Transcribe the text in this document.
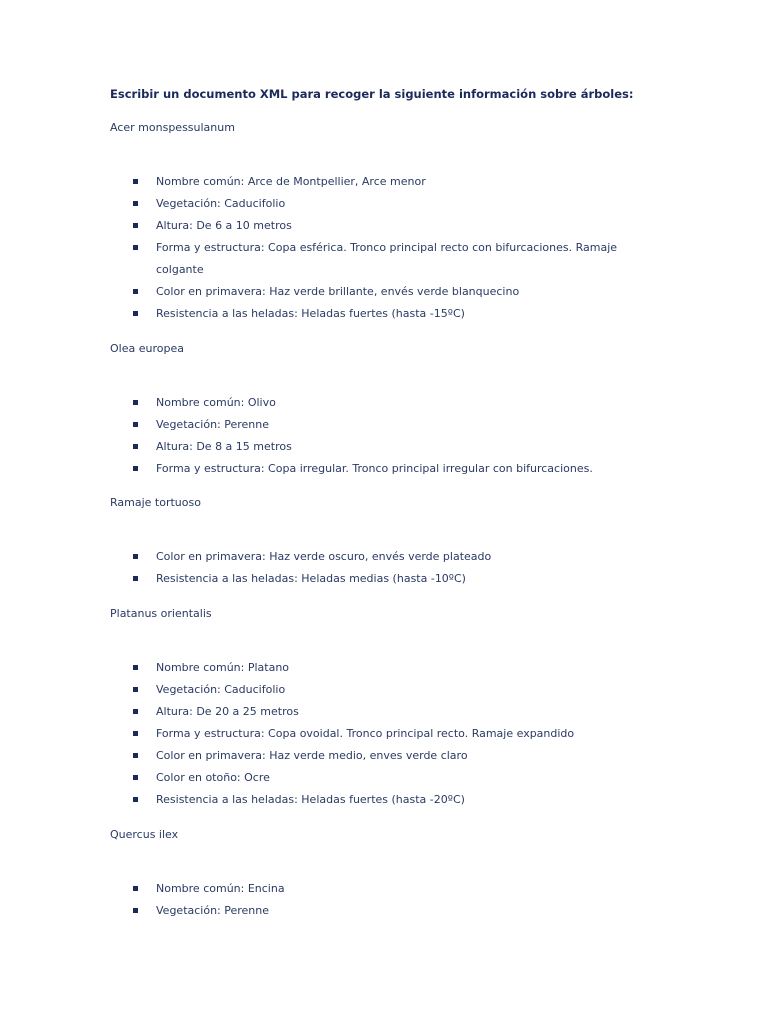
Escribir un documento XML para recoger la siguiente información sobre árboles:
Acer monspessulanum
Nombre común: Arce de Montpellier, Arce menor
Vegetación: Caducifolio
Altura: De 6 a 10 metros
Forma y estructura: Copa esférica. Tronco principal recto con bifurcaciones. Ramaje colgante
Color en primavera: Haz verde brillante, envés verde blanquecino
Resistencia a las heladas: Heladas fuertes (hasta -15ºC)
Olea europea
Nombre común: Olivo
Vegetación: Perenne
Altura: De 8 a 15 metros
Forma y estructura: Copa irregular. Tronco principal irregular con bifurcaciones.
Ramaje tortuoso
Color en primavera: Haz verde oscuro, envés verde plateado
Resistencia a las heladas: Heladas medias (hasta -10ºC)
Platanus orientalis
Nombre común: Platano
Vegetación: Caducifolio
Altura: De 20 a 25 metros
Forma y estructura: Copa ovoidal. Tronco principal recto. Ramaje expandido
Color en primavera: Haz verde medio, enves verde claro
Color en otoño: Ocre
Resistencia a las heladas: Heladas fuertes (hasta -20ºC)
Quercus ilex
Nombre común: Encina
Vegetación: Perenne
